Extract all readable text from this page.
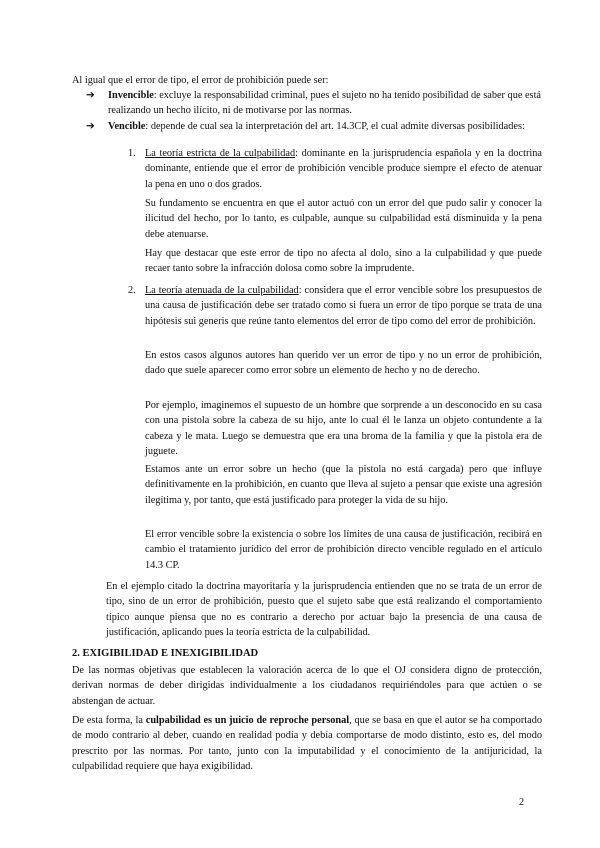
Al igual que el error de tipo, el error de prohibición puede ser:

➔ Invencible: excluye la responsabilidad criminal, pues el sujeto no ha tenido posibilidad de saber que está realizando un hecho ilícito, ni de motivarse por las normas.
➔ Vencible: depende de cual sea la interpretación del art. 14.3CP, el cual admite diversas posibilidades:
1. La teoría estricta de la culpabilidad: dominante en la jurisprudencia española y en la doctrina dominante, entiende que el error de prohibición vencible produce siempre el efecto de atenuar la pena en uno o dos grados.

Su fundamento se encuentra en que el autor actuó con un error del que pudo salir y conocer la ilicitud del hecho, por lo tanto, es culpable, aunque su culpabilidad está disminuida y la pena debe atenuarse.

Hay que destacar que este error de tipo no afecta al dolo, sino a la culpabilidad y que puede recaer tanto sobre la infracción dolosa como sobre la imprudente.

2. La teoría atenuada de la culpabilidad: considera que el error vencible sobre los presupuestos de una causa de justificación debe ser tratado como si fuera un error de tipo porque se trata de una hipótesis sui generis que reúne tanto elementos del error de tipo como del error de prohibición.

En estos casos algunos autores han querido ver un error de tipo y no un error de prohibición, dado que suele aparecer como error sobre un elemento de hecho y no de derecho.

Por ejemplo, imaginemos el supuesto de un hombre que sorprende a un desconocido en su casa con una pistola sobre la cabeza de su hijo, ante lo cual él le lanza un objeto contundente a la cabeza y le mata. Luego se demuestra que era una broma de la familia y que la pistola era de juguete.

Estamos ante un error sobre un hecho (que la pistola no está cargada) pero que influye definitivamente en la prohibición, en cuanto que lleva al sujeto a pensar que existe una agresión ilegítima y, por tanto, que está justificado para proteger la vida de su hijo.

El error vencible sobre la existencia o sobre los límites de una causa de justificación, recibirá en cambio el tratamiento jurídico del error de prohibición directo vencible regulado en el artículo 14.3 CP.

En el ejemplo citado la doctrina mayoritaria y la jurisprudencia entienden que no se trata de un error de tipo, sino de un error de prohibición, puesto que el sujeto sabe que está realizando el comportamiento típico aunque piensa que no es contrario a derecho por actuar bajo la presencia de una causa de justificación, aplicando pues la teoría estricta de la culpabilidad.

2. EXIGIBILIDAD E INEXIGIBILIDAD

De las normas objetivas que establecen la valoración acerca de lo que el OJ considera digno de protección, derivan normas de deber dirigidas individualmente a los ciudadanos requiriéndoles para que actúen o se abstengan de actuar.

De esta forma, la culpabilidad es un juicio de reproche personal, que se basa en que el autor se ha comportado de modo contrario al deber, cuando en realidad podía y debía comportarse de modo distinto, esto es, del modo prescrito por las normas. Por tanto, junto con la imputabilidad y el conocimiento de la antijuricidad, la culpabilidad requiere que haya exigibilidad.

2
